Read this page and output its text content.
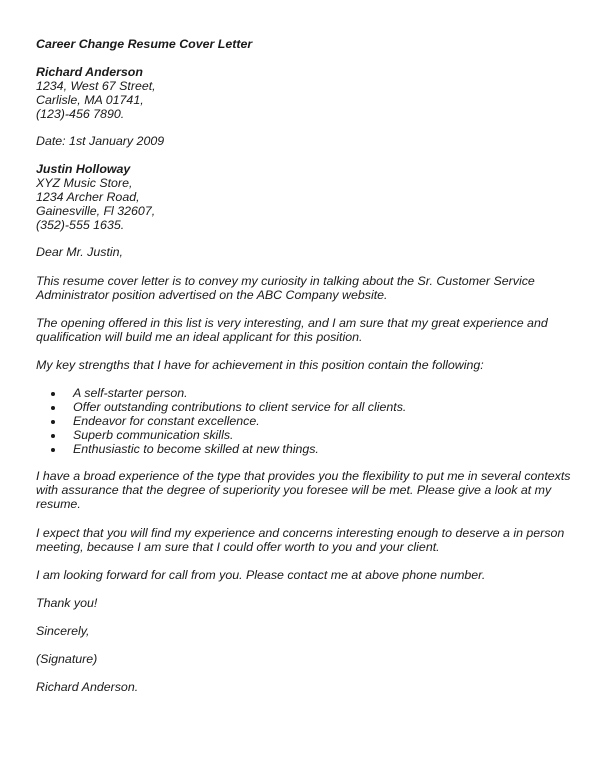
Career Change Resume Cover Letter

Richard Anderson
1234, West 67 Street,
Carlisle, MA 01741,
(123)-456 7890.

Date: 1st January 2009

Justin Holloway
XYZ Music Store,
1234 Archer Road,
Gainesville, Fl 32607,
(352)-555 1635.

Dear Mr. Justin,

This resume cover letter is to convey my curiosity in talking about the Sr. Customer Service
Administrator position advertised on the ABC Company website.

The opening offered in this list is very interesting, and I am sure that my great experience and
qualification will build me an ideal applicant for this position.

My key strengths that I have for achievement in this position contain the following:

A self-starter person.
Offer outstanding contributions to client service for all clients.
Endeavor for constant excellence.
Superb communication skills.
Enthusiastic to become skilled at new things.

I have a broad experience of the type that provides you the flexibility to put me in several contexts
with assurance that the degree of superiority you foresee will be met. Please give a look at my
resume.

I expect that you will find my experience and concerns interesting enough to deserve a in person
meeting, because I am sure that I could offer worth to you and your client.

I am looking forward for call from you. Please contact me at above phone number.

Thank you!

Sincerely,

(Signature)

Richard Anderson.
